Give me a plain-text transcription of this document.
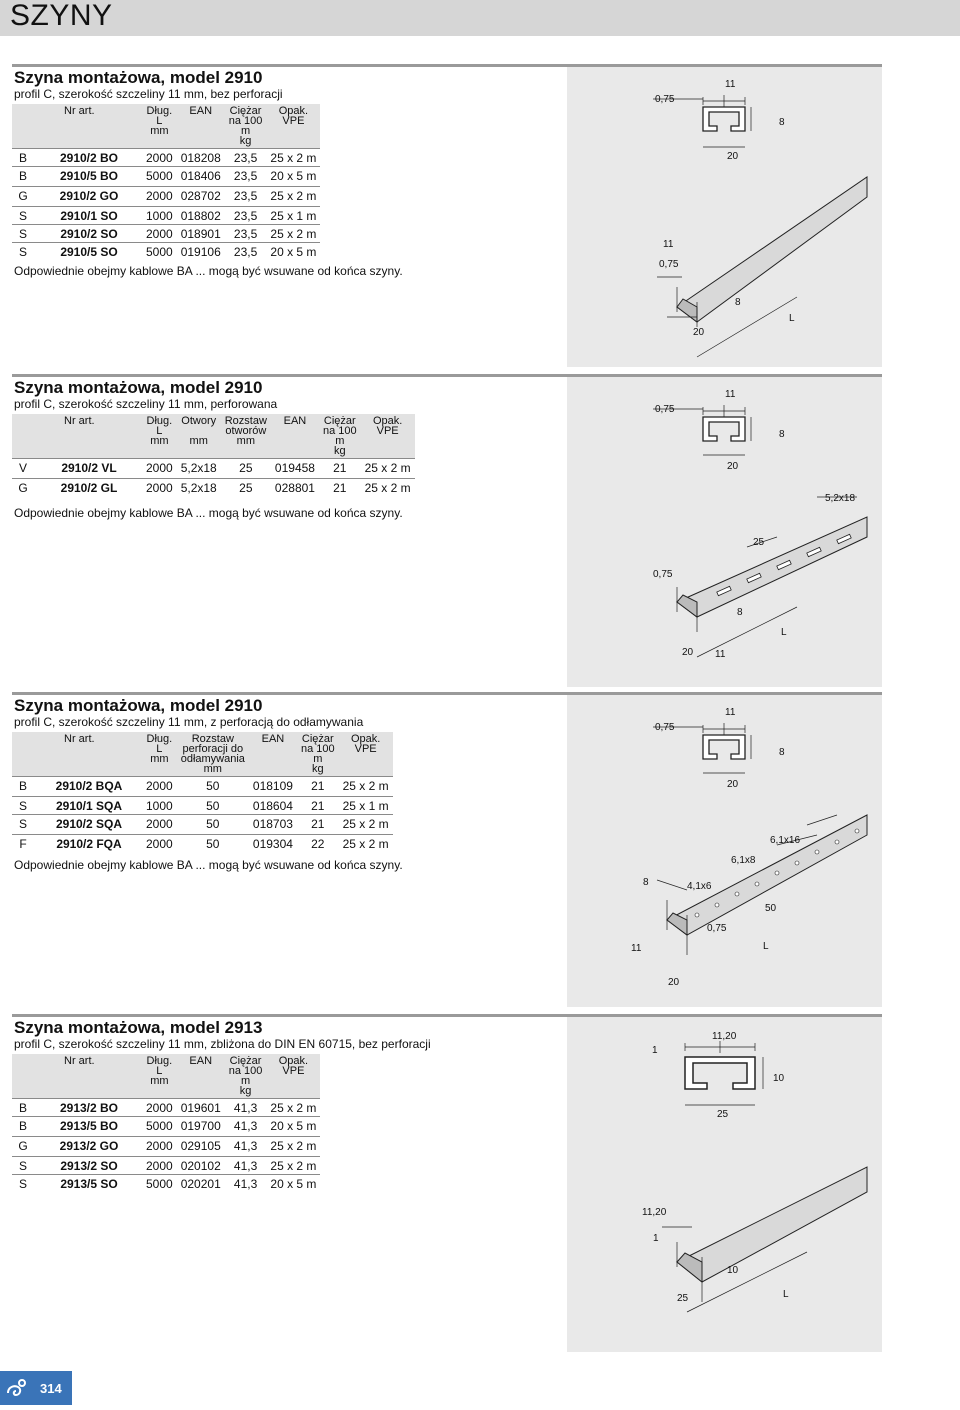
SZYNY
Szyna montażowa, model 2910
profil C, szerokość szczeliny 11 mm, bez perforacji
	Nr art.	Dług.
L
mm	EAN	Ciężar
na 100
m
kg	Opak.
VPE
B	2910/2 BO	2000	018208	23,5	25 x 2 m
B	2910/5 BO	5000	018406	23,5	20 x 5 m

G	2910/2 GO	2000	028702	23,5	25 x 2 m

S	2910/1 SO	1000	018802	23,5	25 x 1 m
S	2910/2 SO	2000	018901	23,5	25 x 2 m
S	2910/5 SO	5000	019106	23,5	20 x 5 m
Odpowiednie obejmy kablowe BA ... mogą być wsuwane od końca szyny.
0,75
11
8
20
11
0,75
8
20
L
Szyna montażowa, model 2910
profil C, szerokość szczeliny 11 mm, perforowana
	Nr art.	Dług.
L
mm	Otwory

mm	Rozstaw
otworów
mm	EAN	Ciężar
na 100
m
kg	Opak.
VPE
V	2910/2 VL	2000	5,2x18	25	019458	21	25 x 2 m

G	2910/2 GL	2000	5,2x18	25	028801	21	25 x 2 m
Odpowiednie obejmy kablowe BA ... mogą być wsuwane od końca szyny.
0,75
11
8
20
5,2x18
25
0,75
8
L
20 11
Szyna montażowa, model 2910
profil C, szerokość szczeliny 11 mm, z perforacją do odłamywania
	Nr art.	Dług.
L
mm	Rozstaw
perforacji do
odłamywania
mm	EAN	Ciężar
na 100
m
kg	Opak.
VPE
B	2910/2 BQA	2000	50	018109	21	25 x 2 m

S	2910/1 SQA	1000	50	018604	21	25 x 1 m
S	2910/2 SQA	2000	50	018703	21	25 x 2 m

F	2910/2 FQA	2000	50	019304	22	25 x 2 m
Odpowiednie obejmy kablowe BA ... mogą być wsuwane od końca szyny.
0,75
11
8
20
6,1x16
6,1x8
8	4,1x6
50
0,75
L
11
20
Szyna montażowa, model 2913
profil C, szerokość szczeliny 11 mm, zbliżona do DIN EN 60715, bez perforacji
	Nr art.	Dług.
L
mm	EAN	Ciężar
na 100
m
kg	Opak.
VPE
B	2913/2 BO	2000	019601	41,3	25 x 2 m
B	2913/5 BO	5000	019700	41,3	20 x 5 m

G	2913/2 GO	2000	029105	41,3	25 x 2 m

S	2913/2 SO	2000	020102	41,3	25 x 2 m
S	2913/5 SO	5000	020201	41,3	20 x 5 m
1
11,20
10
25
11,20
1
10
25	L
314
